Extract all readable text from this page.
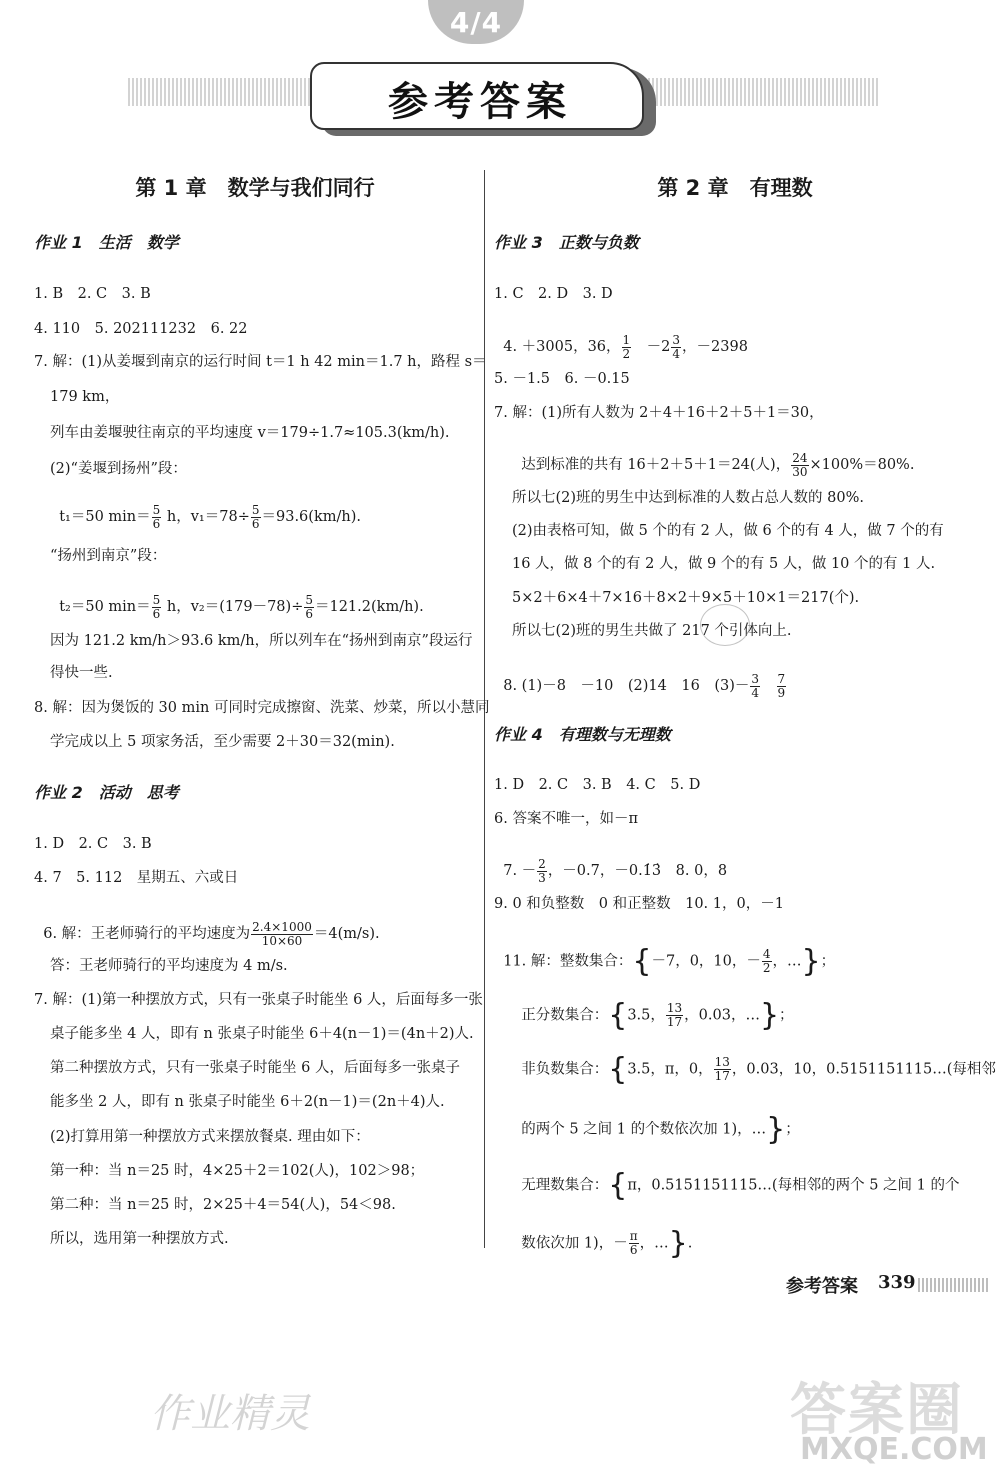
4/4
参考答案
第 1 章　数学与我们同行
作业 1　生活　数学
1. B　2. C　3. B
4. 110　5. 202111232　6. 22
7. 解：(1)从姜堰到南京的运行时间 t＝1 h 42 min＝1.7 h，路程 s＝
179 km，
列车由姜堰驶往南京的平均速度 v＝179÷1.7≈105.3(km/h).
(2)“姜堰到扬州”段：

t₁＝50 $\min= \frac{5}{6}$ h，$v_1=78\div \frac{5}{6} =93.6(km/h)$.

“扬州到南京”段：

t₂＝50 $\min= \frac{5}{6}$ h，$v_2=(179-78)\div \frac{5}{6} =121.2(km/h)$.

因为 121.2 km/h＞93.6 km/h，所以列车在“扬州到南京”段运行
得快一些.
8. 解：因为煲饭的 30 min 可同时完成擦窗、洗菜、炒菜，所以小慧同
学完成以上 5 项家务活，至少需要 2＋30＝32(min).
作业 2　活动　思考
1. D　2. C　3. B
4. 7　5. 112　星期五、六或日

6. 解：王老师骑行的平均速度为 $\frac{2.4\times 1000}{10\times 60} =4(m/s)$.

答：王老师骑行的平均速度为 4 m/s.
7. 解：(1)第一种摆放方式，只有一张桌子时能坐 6 人，后面每多一张
桌子能多坐 4 人，即有 n 张桌子时能坐 6＋4(n－1)＝(4n＋2)人.
第二种摆放方式，只有一张桌子时能坐 6 人，后面每多一张桌子
能多坐 2 人，即有 n 张桌子时能坐 6＋2(n－1)＝(2n＋4)人.
(2)打算用第一种摆放方式来摆放餐桌. 理由如下：
第一种：当 n＝25 时，4×25＋2＝102(人)，102＞98；
第二种：当 n＝25 时，2×25＋4＝54(人)，54＜98.
所以，选用第一种摆放方式.
第 2 章　有理数
作业 3　正数与负数
1. C　2. D　3. D

4. ＋3005，36， $\frac{1}{2}$ 　$-2 \frac{3}{4}$ ，－2398

5. －1.5　6. －0.15
7. 解：(1)所有人数为 2＋4＋16＋2＋5＋1＝30，

达到标准的共有 16＋2＋5＋1＝24(人)， $\frac{24}{30} \times 100\%=80\%$.

所以七(2)班的男生中达到标准的人数占总人数的 80%.
(2)由表格可知，做 5 个的有 2 人，做 6 个的有 4 人，做 7 个的有
16 人，做 8 个的有 2 人，做 9 个的有 5 人，做 10 个的有 1 人.
5×2＋6×4＋7×16＋8×2＋9×5＋10×1＝217(个).
所以七(2)班的男生共做了 217 个引体向上.

8. (1)－8　－10　(2)14　16　$(3)- \frac{3}{4}$
　 $\frac{7}{9}$

作业 4　有理数与无理数
1. D　2. C　3. B　4. C　5. D
6. 答案不唯一，如－π

7. － $\frac{2}{3}$ ，－0.7，－0.1̇3̇　8. 0，8

9. 0 和负整数　0 和正整数　10. 1，0，－1

11. 解：整数集合：{－7，0，10，－ $\frac{4}{2}$ ，…}；

正分数集合：{3.5， $\frac{13}{17}$ ，0.03，…}；

非负数集合：{3.5，π，0， $\frac{13}{17}$ ，0.03，10，0.5151151115…(每相邻

的两个 5 之间 1 的个数依次加 1)，…}；

无理数集合：{π，0.5151151115…(每相邻的两个 5 之间 1 的个

数依次加 1)，－ $\frac{\pi}{6}$ ，…}.

参考答案 339
作业精灵	答案圈
MXQE.COM
